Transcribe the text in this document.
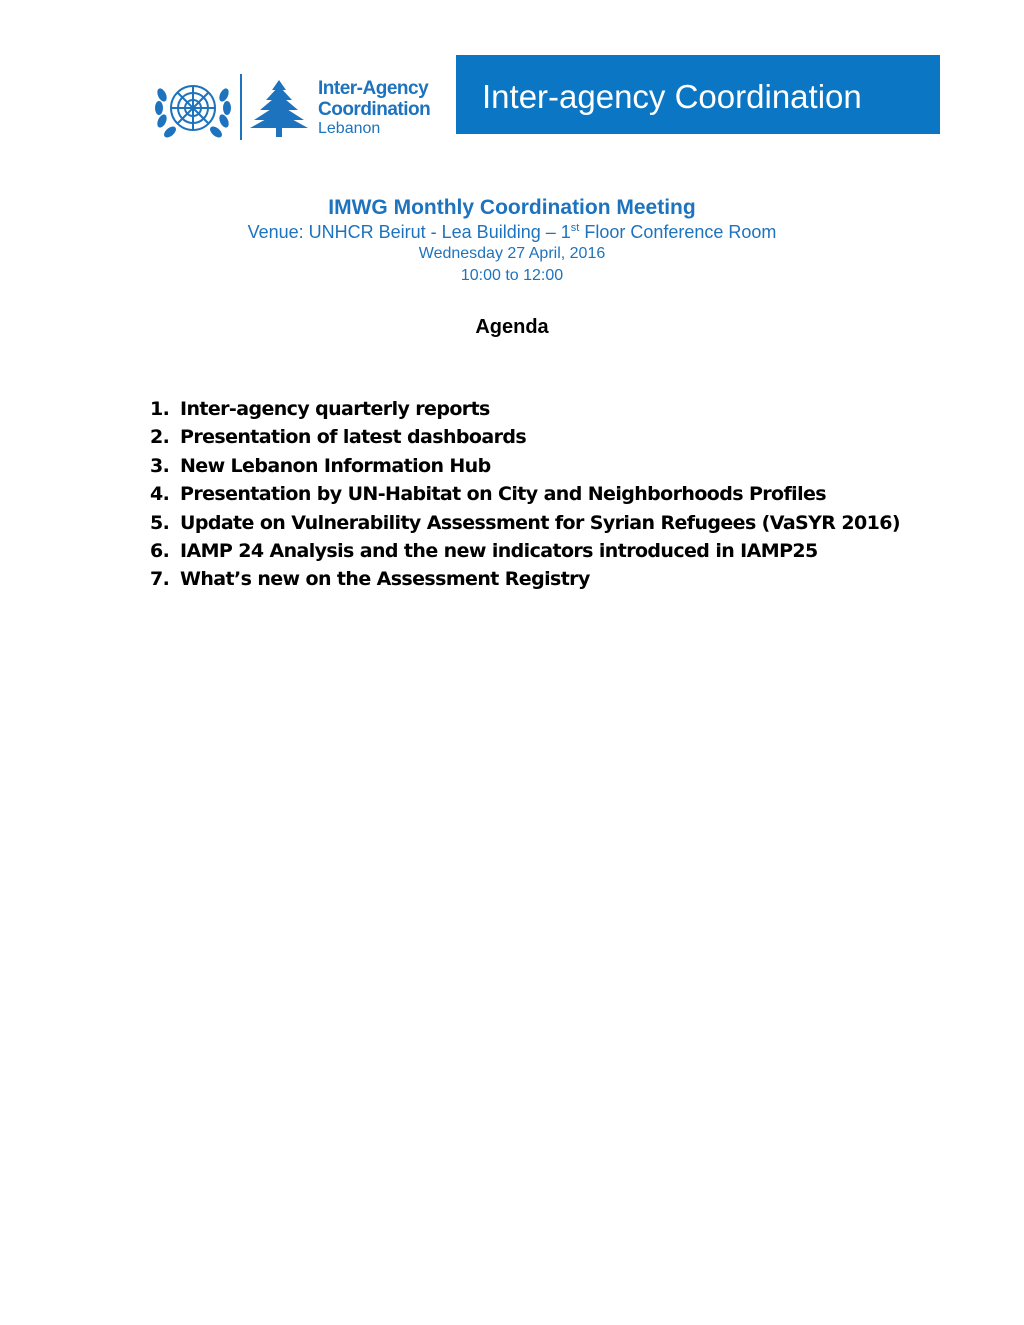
Inter-Agency
Coordination
Lebanon
Inter-agency Coordination
IMWG Monthly Coordination Meeting
Venue: UNHCR Beirut - Lea Building – 1st Floor Conference Room
Wednesday 27 April, 2016
10:00 to 12:00
Agenda
1. Inter-agency quarterly reports
2. Presentation of latest dashboards
3. New Lebanon Information Hub
4. Presentation by UN-Habitat on City and Neighborhoods Profiles
5. Update on Vulnerability Assessment for Syrian Refugees (VaSYR 2016)
6. IAMP 24 Analysis and the new indicators introduced in IAMP25
7. What’s new on the Assessment Registry
